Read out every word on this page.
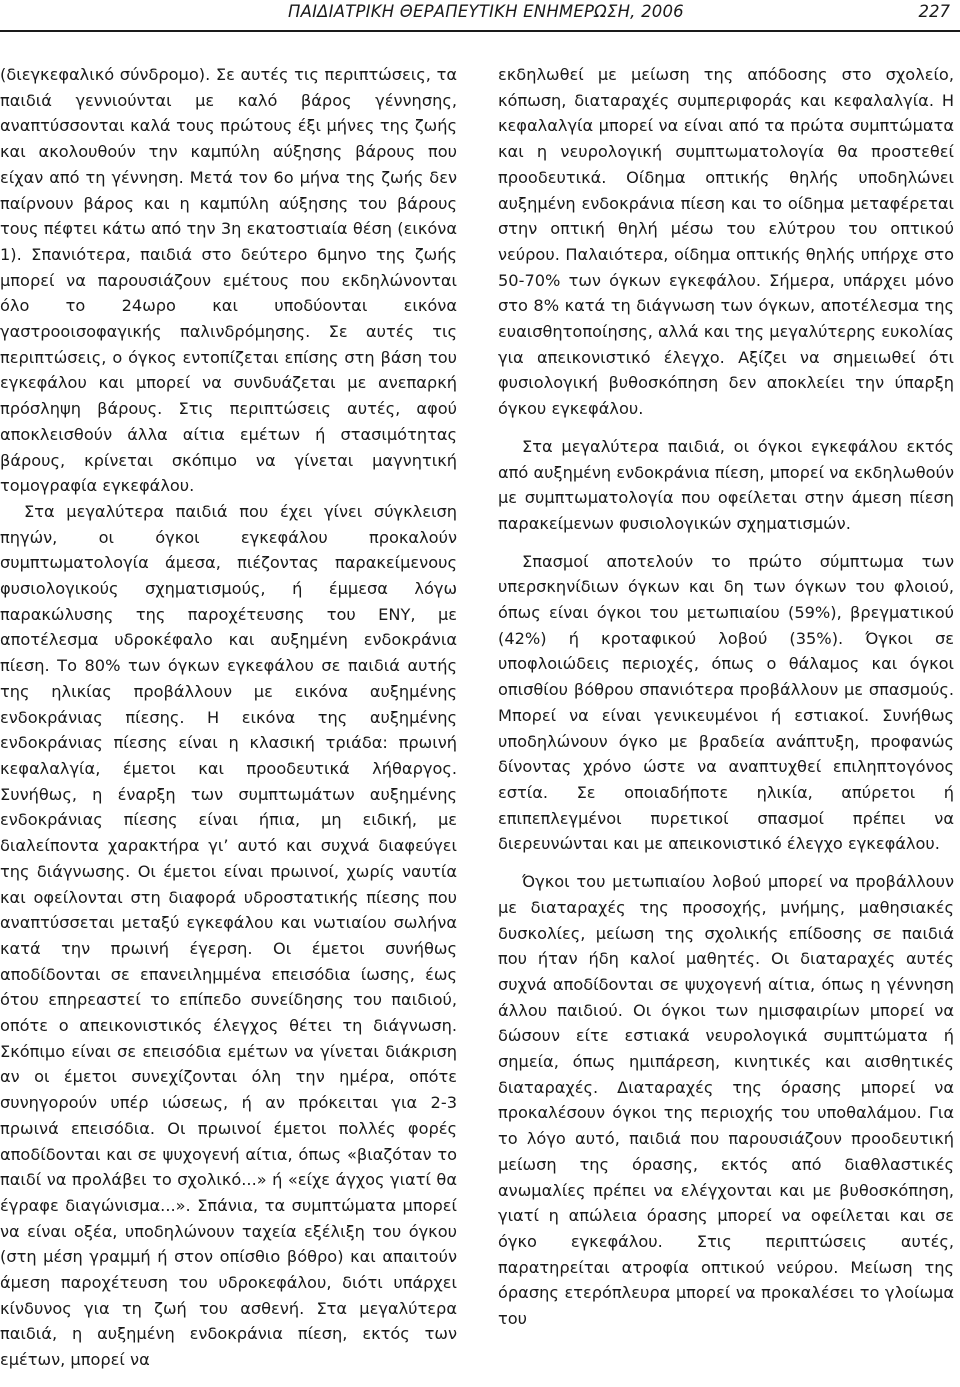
ΠΑΙΔΙΑΤΡΙΚΗ ΘΕΡΑΠΕΥΤΙΚΗ ΕΝΗΜΕΡΩΣΗ, 2006	227

(διεγκεφαλικό σύνδρομο). Σε αυτές τις περιπτώσεις, τα παιδιά γεννιούνται με καλό βάρος γέννησης, αναπτύσσονται καλά τους πρώτους έξι μήνες της ζωής και ακολουθούν την καμπύλη αύξησης βάρους που είχαν από τη γέννηση. Μετά τον 6ο μήνα της ζωής δεν παίρνουν βάρος και η καμπύλη αύξησης του βάρους τους πέφτει κάτω από την 3η εκατοστιαία θέση (εικόνα 1). Σπανιότερα, παιδιά στο δεύτερο 6μηνο της ζωής μπορεί να παρουσιάζουν εμέτους που εκδηλώνονται όλο το 24ωρο και υποδύονται εικόνα γαστροοισοφαγικής παλινδρόμησης. Σε αυτές τις περιπτώσεις, ο όγκος εντοπίζεται επίσης στη βάση του εγκεφάλου και μπορεί να συνδυάζεται με ανεπαρκή πρόσληψη βάρους. Στις περιπτώσεις αυτές, αφού αποκλεισθούν άλλα αίτια εμέτων ή στασιμότητας βάρους, κρίνεται σκόπιμο να γίνεται μαγνητική τομογραφία εγκεφάλου.

Στα μεγαλύτερα παιδιά που έχει γίνει σύγκλειση πηγών, οι όγκοι εγκεφάλου προκαλούν συμπτωματολογία άμεσα, πιέζοντας παρακείμενους φυσιολογικούς σχηματισμούς, ή έμμεσα λόγω παρακώλυσης της παροχέτευσης του ΕΝΥ, με αποτέλεσμα υδροκέφαλο και αυξημένη ενδοκράνια πίεση. Το 80% των όγκων εγκεφάλου σε παιδιά αυτής της ηλικίας προβάλλουν με εικόνα αυξημένης ενδοκράνιας πίεσης. Η εικόνα της αυξημένης ενδοκράνιας πίεσης είναι η κλασική τριάδα: πρωινή κεφαλαλγία, έμετοι και προοδευτικά λήθαργος. Συνήθως, η έναρξη των συμπτωμάτων αυξημένης ενδοκράνιας πίεσης είναι ήπια, μη ειδική, με διαλείποντα χαρακτήρα γι’ αυτό και συχνά διαφεύγει της διάγνωσης. Οι έμετοι είναι πρωινοί, χωρίς ναυτία και οφείλονται στη διαφορά υδροστατικής πίεσης που αναπτύσσεται μεταξύ εγκεφάλου και νωτιαίου σωλήνα κατά την πρωινή έγερση. Οι έμετοι συνήθως αποδίδονται σε επανειλημμένα επεισόδια ίωσης, έως ότου επηρεαστεί το επίπεδο συνείδησης του παιδιού, οπότε ο απεικονιστικός έλεγχος θέτει τη διάγνωση. Σκόπιμο είναι σε επεισόδια εμέτων να γίνεται διάκριση αν οι έμετοι συνεχίζονται όλη την ημέρα, οπότε συνηγορούν υπέρ ιώσεως, ή αν πρόκειται για 2-3 πρωινά επεισόδια. Οι πρωινοί έμετοι πολλές φορές αποδίδονται και σε ψυχογενή αίτια, όπως «βιαζόταν το παιδί να προλάβει το σχολικό...» ή «είχε άγχος γιατί θα έγραφε διαγώνισμα...». Σπάνια, τα συμπτώματα μπορεί να είναι οξέα, υποδηλώνουν ταχεία εξέλιξη του όγκου (στη μέση γραμμή ή στον οπίσθιο βόθρο) και απαιτούν άμεση παροχέτευση του υδροκεφάλου, διότι υπάρχει κίνδυνος για τη ζωή του ασθενή. Στα μεγαλύτερα παιδιά, η αυξημένη ενδοκράνια πίεση, εκτός των εμέτων, μπορεί να

εκδηλωθεί με μείωση της απόδοσης στο σχολείο, κόπωση, διαταραχές συμπεριφοράς και κεφαλαλγία. Η κεφαλαλγία μπορεί να είναι από τα πρώτα συμπτώματα και η νευρολογική συμπτωματολογία θα προστεθεί προοδευτικά. Οίδημα οπτικής θηλής υποδηλώνει αυξημένη ενδοκράνια πίεση και το οίδημα μεταφέρεται στην οπτική θηλή μέσω του ελύτρου του οπτικού νεύρου. Παλαιότερα, οίδημα οπτικής θηλής υπήρχε στο 50-70% των όγκων εγκεφάλου. Σήμερα, υπάρχει μόνο στο 8% κατά τη διάγνωση των όγκων, αποτέλεσμα της ευαισθητοποίησης, αλλά και της μεγαλύτερης ευκολίας για απεικονιστικό έλεγχο. Αξίζει να σημειωθεί ότι φυσιολογική βυθοσκόπηση δεν αποκλείει την ύπαρξη όγκου εγκεφάλου.

Στα μεγαλύτερα παιδιά, οι όγκοι εγκεφάλου εκτός από αυξημένη ενδοκράνια πίεση, μπορεί να εκδηλωθούν με συμπτωματολογία που οφείλεται στην άμεση πίεση παρακείμενων φυσιολογικών σχηματισμών.

Σπασμοί αποτελούν το πρώτο σύμπτωμα των υπερσκηνίδιων όγκων και δη των όγκων του φλοιού, όπως είναι όγκοι του μετωπιαίου (59%), βρεγματικού (42%) ή κροταφικού λοβού (35%). Όγκοι σε υποφλοιώδεις περιοχές, όπως ο θάλαμος και όγκοι οπισθίου βόθρου σπανιότερα προβάλλουν με σπασμούς. Μπορεί να είναι γενικευμένοι ή εστιακοί. Συνήθως υποδηλώνουν όγκο με βραδεία ανάπτυξη, προφανώς δίνοντας χρόνο ώστε να αναπτυχθεί επιληπτογόνος εστία. Σε οποιαδήποτε ηλικία, απύρετοι ή επιπεπλεγμένοι πυρετικοί σπασμοί πρέπει να διερευνώνται και με απεικονιστικό έλεγχο εγκεφάλου.

Όγκοι του μετωπιαίου λοβού μπορεί να προβάλλουν με διαταραχές της προσοχής, μνήμης, μαθησιακές δυσκολίες, μείωση της σχολικής επίδοσης σε παιδιά που ήταν ήδη καλοί μαθητές. Οι διαταραχές αυτές συχνά αποδίδονται σε ψυχογενή αίτια, όπως η γέννηση άλλου παιδιού. Οι όγκοι των ημισφαιρίων μπορεί να δώσουν είτε εστιακά νευρολογικά συμπτώματα ή σημεία, όπως ημιπάρεση, κινητικές και αισθητικές διαταραχές. Διαταραχές της όρασης μπορεί να προκαλέσουν όγκοι της περιοχής του υποθαλάμου. Για το λόγο αυτό, παιδιά που παρουσιάζουν προοδευτική μείωση της όρασης, εκτός από διαθλαστικές ανωμαλίες πρέπει να ελέγχονται και με βυθοσκόπηση, γιατί η απώλεια όρασης μπορεί να οφείλεται και σε όγκο εγκεφάλου. Στις περιπτώσεις αυτές, παρατηρείται ατροφία οπτικού νεύρου. Μείωση της όρασης ετερόπλευρα μπορεί να προκαλέσει το γλοίωμα του
